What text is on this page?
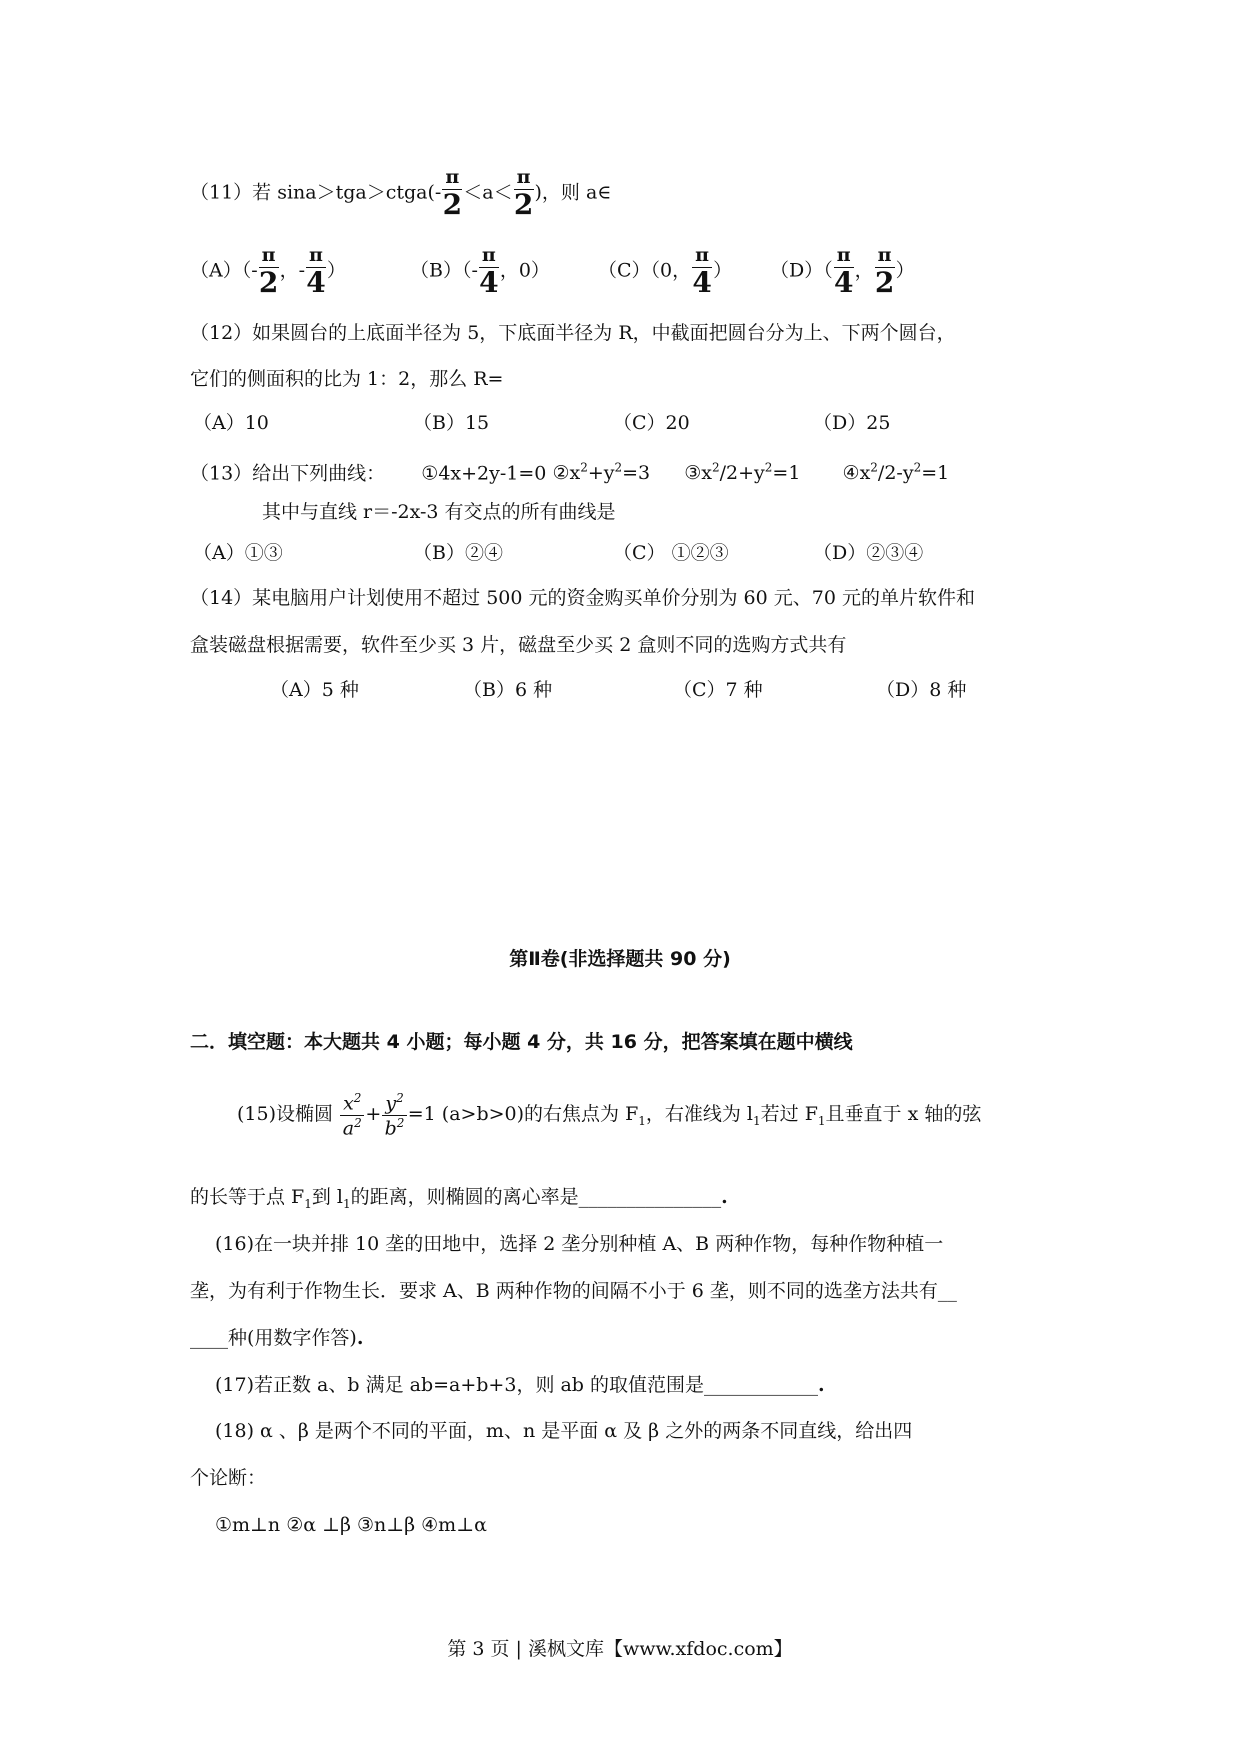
（11）若 sina＞tga＞ctga(- $\frac{\pi}{2} <a< \frac{\pi}{2}$ )，则 a∈
$(A)(- \frac{\pi}{2}$ ，- $\frac{\pi}{4}$ ）	$(B)(- \frac{\pi}{4}$ ，0）	（C）（0， $\frac{\pi}{4}$ ） $(D)( \frac{\pi}{4}$ ， $\frac{\pi}{2}$ ）
（12）如果圆台的上底面半径为 5，下底面半径为 R，中截面把圆台分为上、下两个圆台，
它们的侧面积的比为 1：2，那么 R=
（A）10	（B）15	（C）20	（D）25
（13）给出下列曲线： ①4x+2y-1=0 $②x^2+y^2=3$ $③x^2/2+y^2=1$ $④x^2/2-y^2=1$
其中与直线 r＝-2x-3 有交点的所有曲线是
（A）①③	（B）②④	（C） ①②③	（D）②③④
（14）某电脑用户计划使用不超过 500 元的资金购买单价分别为 60 元、70 元的单片软件和
盒装磁盘根据需要，软件至少买 3 片，磁盘至少买 2 盒则不同的选购方式共有
（A）5 种	（B）6 种	（C）7 种	（D）8 种
第Ⅱ卷(非选择题共 90 分)
二．填空题：本大题共 4 小题；每小题 4 分，共 16 分，把答案填在题中横线
(15)设椭圆 $\frac{x^2}{a^2} + \frac{y^2}{b^2} =1$ (a>b>0)的右焦点为 $F_1$，右准线为 $l_1$若过 $F_1$且垂直于 x 轴的弦
的长等于点 $F_1$到 $l_1$的距离，则椭圆的离心率是_______________.
(16)在一块并排 10 垄的田地中，选择 2 垄分别种植 A、B 两种作物，每种作物种植一
垄，为有利于作物生长．要求 A、B 两种作物的间隔不小于 6 垄，则不同的选垄方法共有__
____种(用数字作答).
(17)若正数 a、b 满足 ab=a+b+3，则 ab 的取值范围是____________.
(18) α 、β 是两个不同的平面，m、n 是平面 α 及 β 之外的两条不同直线，给出四
个论断：
①m⊥n ②α ⊥β ③n⊥β ④m⊥α
第 3 页 | 溪枫文库【www.xfdoc.com】
